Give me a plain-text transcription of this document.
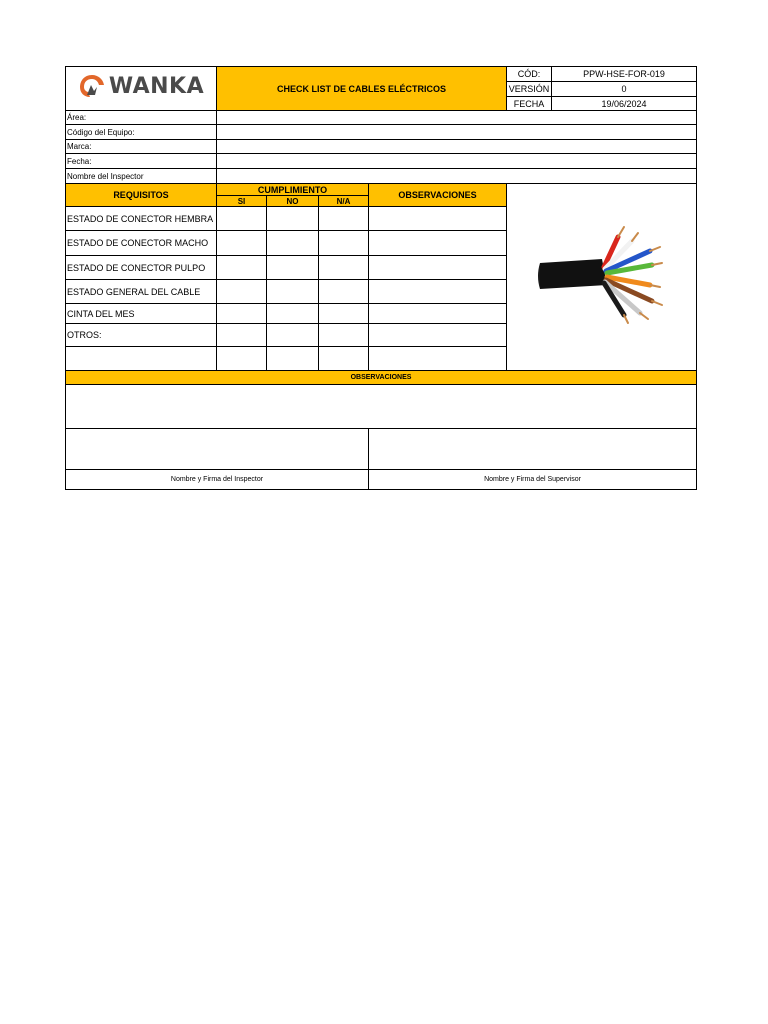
WANKA	CHECK LIST DE CABLES ELÉCTRICOS				CÓD:	PPW-HSE-FOR-019
					VERSIÓN	0
					FECHA	19/06/2024
Área:						
Código del Equipo:						
Marca:						
Fecha:						
Nombre del Inspector						
REQUISITOS	CUMPLIMIENTO			OBSERVACIONES	
	SI	NO	N/A			
ESTADO DE CONECTOR HEMBRA						
ESTADO DE CONECTOR MACHO						
ESTADO DE CONECTOR PULPO						
ESTADO GENERAL DEL CABLE						
CINTA DEL MES						
OTROS:						

OBSERVACIONES						

Nombre y Firma del Inspector				Nombre y Firma del Supervisor		
